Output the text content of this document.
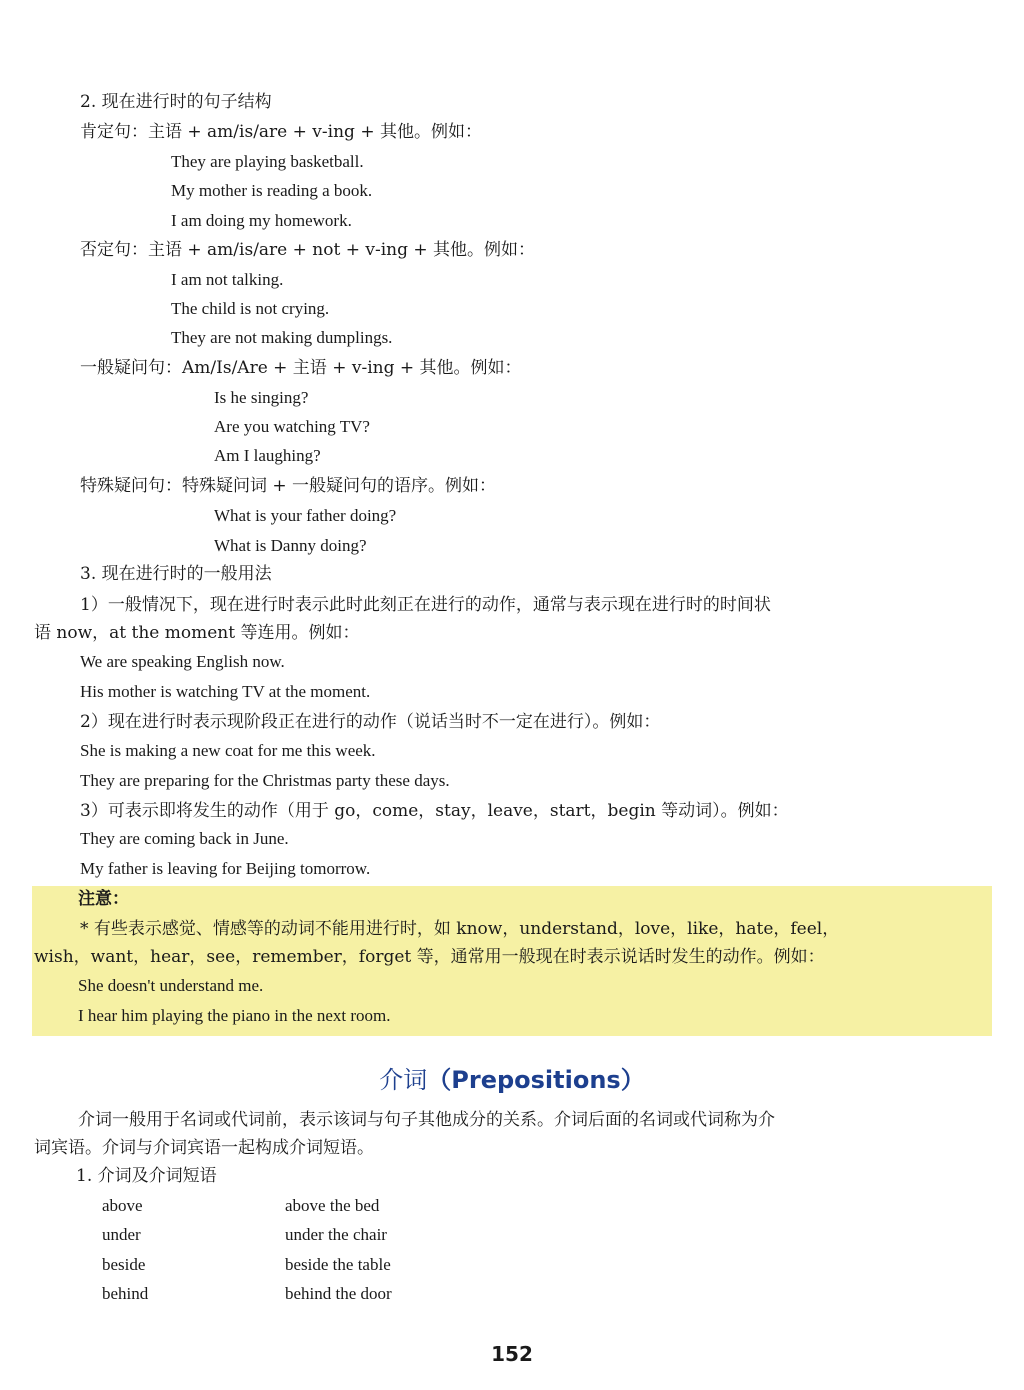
2. 现在进行时的句子结构
肯定句：主语 + am/is/are + v-ing + 其他。例如：
They are playing basketball.
My mother is reading a book.
I am doing my homework.
否定句：主语 + am/is/are + not + v-ing + 其他。例如：
I am not talking.
The child is not crying.
They are not making dumplings.
一般疑问句：Am/Is/Are + 主语 + v-ing + 其他。例如：
Is he singing?
Are you watching TV?
Am I laughing?
特殊疑问句：特殊疑问词 + 一般疑问句的语序。例如：
What is your father doing?
What is Danny doing?
3. 现在进行时的一般用法
1）一般情况下，现在进行时表示此时此刻正在进行的动作，通常与表示现在进行时的时间状
语 now，at the moment 等连用。例如：
We are speaking English now.
His mother is watching TV at the moment.
2）现在进行时表示现阶段正在进行的动作（说话当时不一定在进行）。例如：
She is making a new coat for me this week.
They are preparing for the Christmas party these days.
3）可表示即将发生的动作（用于 go，come，stay，leave，start，begin 等动词）。例如：
They are coming back in June.
My father is leaving for Beijing tomorrow.
注意：
* 有些表示感觉、情感等的动词不能用进行时，如 know，understand，love，like，hate，feel，
wish，want，hear，see，remember，forget 等，通常用一般现在时表示说话时发生的动作。例如：
She doesn't understand me.
I hear him playing the piano in the next room.
介词（Prepositions）
介词一般用于名词或代词前，表示该词与句子其他成分的关系。介词后面的名词或代词称为介
词宾语。介词与介词宾语一起构成介词短语。
1. 介词及介词短语
above	above the bed
under	under the chair
beside	beside the table
behind	behind the door
152
